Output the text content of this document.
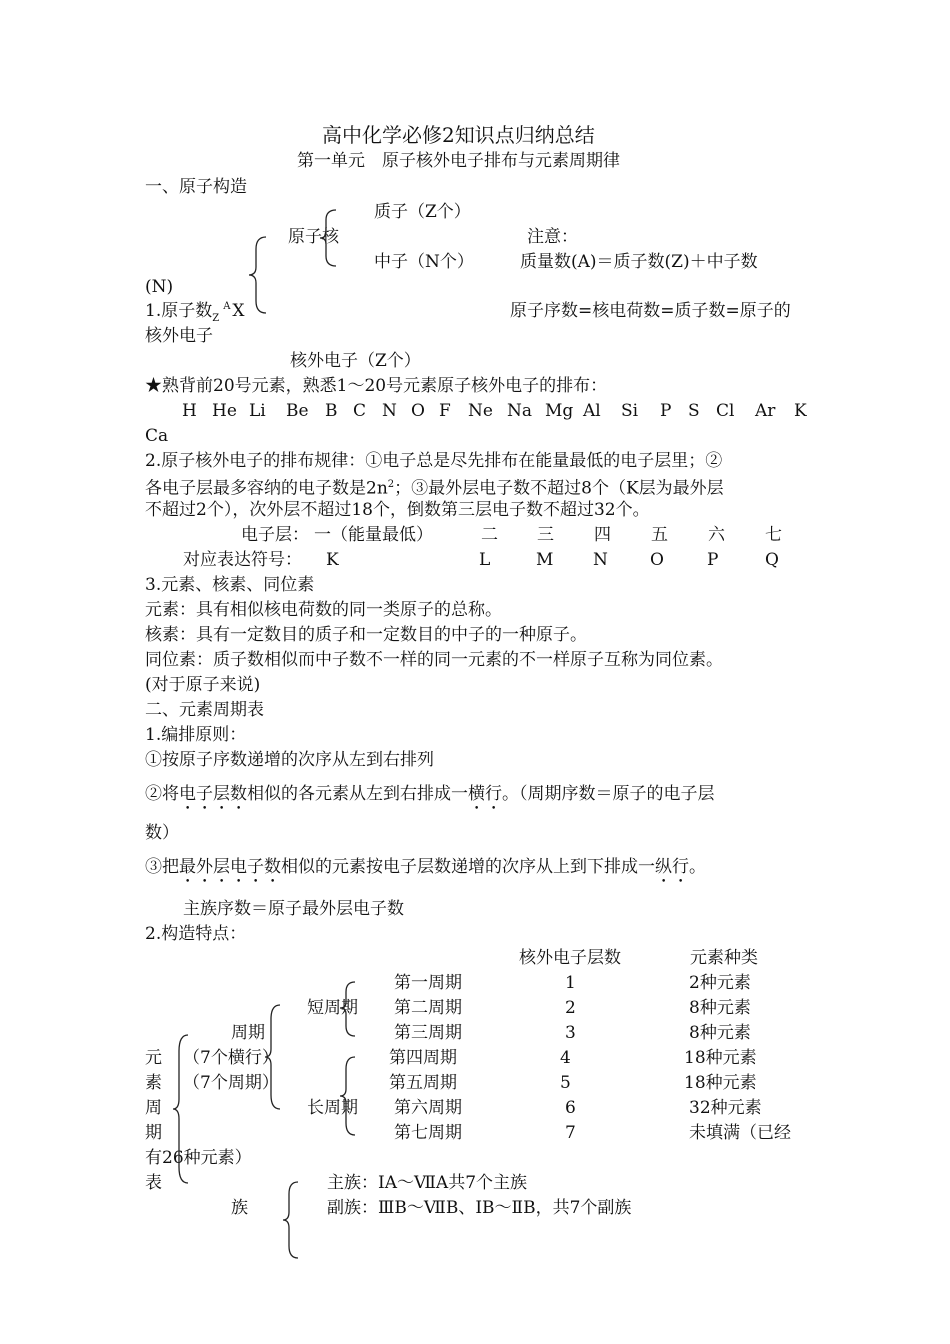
高中化学必修2知识点归纳总结
第一单元　原子核外电子排布与元素周期律
一、原子构造
质子（Z个）
原子核	注意：
中子（N个）	质量数(A)＝质子数(Z)＋中子数
(N)
1.原子数$_Z^A$ X	原子序数=核电荷数=质子数=原子的
核外电子
核外电子（Z个）
★熟背前20号元素，熟悉1～20号元素原子核外电子的排布：
H He Li Be B C N O F Ne Na Mg Al Si P S Cl Ar K
Ca
2.原子核外电子的排布规律：①电子总是尽先排布在能量最低的电子层里；②
各电子层最多容纳的电子数是$2n^2$；③最外层电子数不超过8个（K层为最外层
不超过2个），次外层不超过18个，倒数第三层电子数不超过32个。
电子层： 一（能量最低）	二 三 四 五 六 七
对应表达符号： K	L	M N O	P	Q
3.元素、核素、同位素
元素：具有相似核电荷数的同一类原子的总称。
核素：具有一定数目的质子和一定数目的中子的一种原子。
同位素：质子数相似而中子数不一样的同一元素的不一样原子互称为同位素。
(对于原子来说)
二、元素周期表
1.编排原则：
①按原子序数递增的次序从左到右排列
②将电子层数相似的各元素从左到右排成一横行。（周期序数＝原子的电子层
数）
③把最外层电子数相似的元素按电子层数递增的次序从上到下排成一纵行。
主族序数＝原子最外层电子数
2.构造特点：
核外电子层数	元素种类
第一周期	1	2种元素
第二周期	2	8种元素
第三周期	3	8种元素
第四周期	4	18种元素
第五周期	5	18种元素
第六周期	6	32种元素
第七周期	7	未填满（已经
有26种元素）
短周期
长周期
周期
（7个横行）
（7个周期）
元
素
周
期
表
族
主族：ⅠA～ⅦA共7个主族
副族：ⅢB～ⅦB、ⅠB～ⅡB，共7个副族
